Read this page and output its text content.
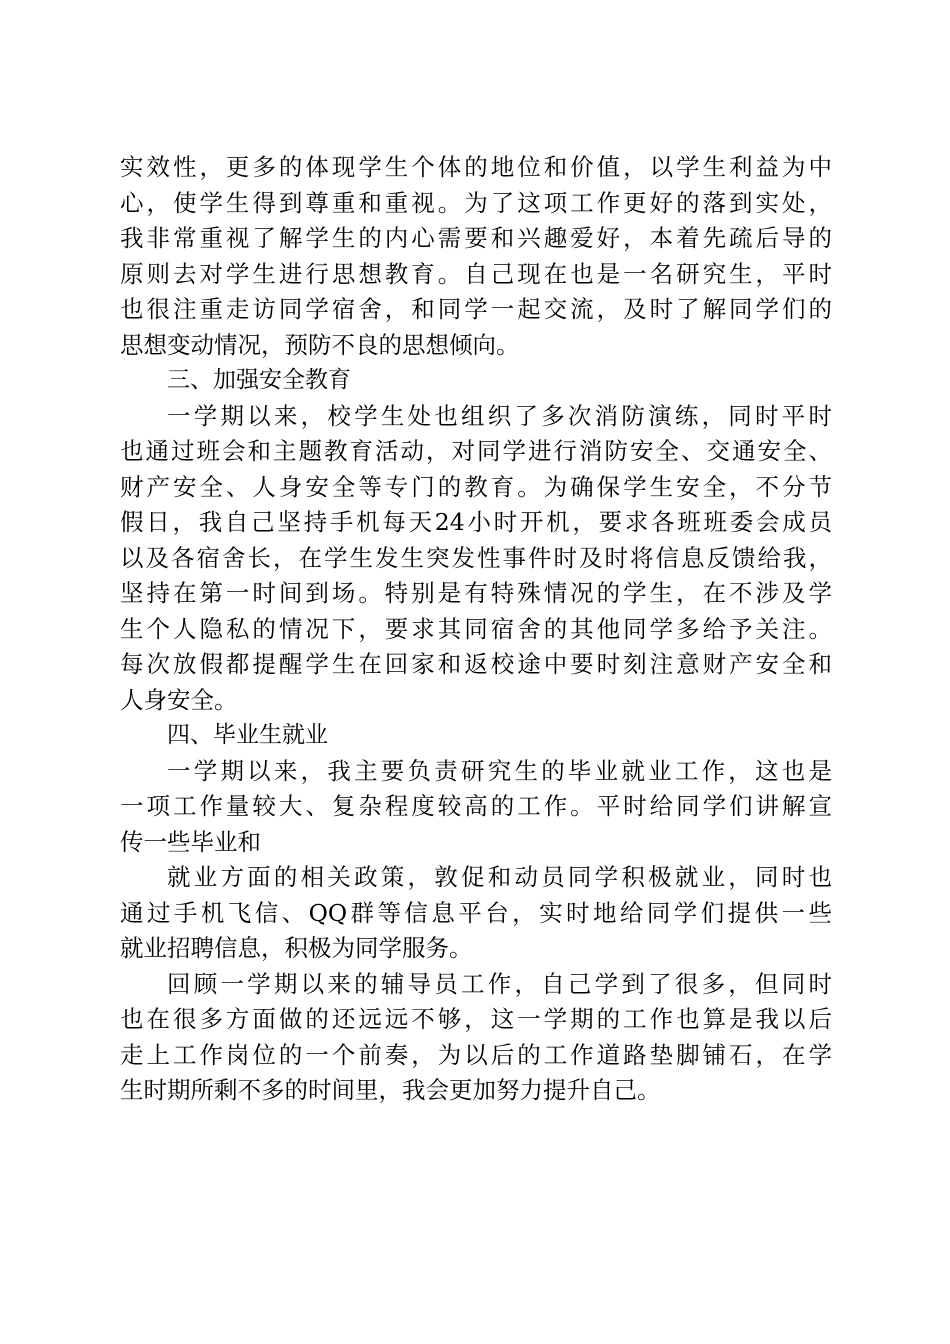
实效性，更多的体现学生个体的地位和价值，以学生利益为中
心，使学生得到尊重和重视。为了这项工作更好的落到实处，
我非常重视了解学生的内心需要和兴趣爱好，本着先疏后导的
原则去对学生进行思想教育。自己现在也是一名研究生，平时
也很注重走访同学宿舍，和同学一起交流，及时了解同学们的
思想变动情况，预防不良的思想倾向。
三、加强安全教育
一学期以来，校学生处也组织了多次消防演练，同时平时
也通过班会和主题教育活动，对同学进行消防安全、交通安全、
财产安全、人身安全等专门的教育。为确保学生安全，不分节
假日，我自己坚持手机每天24小时开机，要求各班班委会成员
以及各宿舍长，在学生发生突发性事件时及时将信息反馈给我，
坚持在第一时间到场。特别是有特殊情况的学生，在不涉及学
生个人隐私的情况下，要求其同宿舍的其他同学多给予关注。
每次放假都提醒学生在回家和返校途中要时刻注意财产安全和
人身安全。
四、毕业生就业
一学期以来，我主要负责研究生的毕业就业工作，这也是
一项工作量较大、复杂程度较高的工作。平时给同学们讲解宣
传一些毕业和
就业方面的相关政策，敦促和动员同学积极就业，同时也
通过手机飞信、QQ群等信息平台，实时地给同学们提供一些
就业招聘信息，积极为同学服务。
回顾一学期以来的辅导员工作，自己学到了很多，但同时
也在很多方面做的还远远不够，这一学期的工作也算是我以后
走上工作岗位的一个前奏，为以后的工作道路垫脚铺石，在学
生时期所剩不多的时间里，我会更加努力提升自己。
